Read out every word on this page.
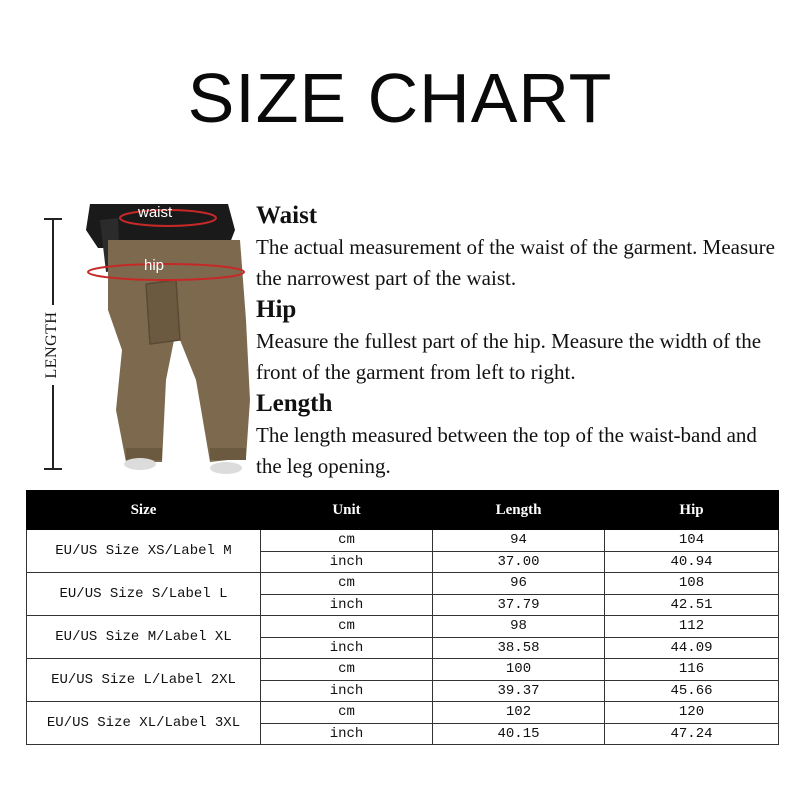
SIZE CHART
LENGTH
waist
hip
Waist

The actual measurement of the waist of the garment. Measure the narrowest part of the waist.

Hip

Measure the fullest part of the hip. Measure the width of the front of the garment from left to right.

Length

The length measured between the top of the waist-band and the leg opening.

Size	Unit	Length	Hip
EU/US Size XS/Label M	cm	94	104
	inch	37.00	40.94
EU/US Size S/Label L	cm	96	108
	inch	37.79	42.51
EU/US Size M/Label XL	cm	98	112
	inch	38.58	44.09
EU/US Size L/Label 2XL	cm	100	116
	inch	39.37	45.66
EU/US Size XL/Label 3XL	cm	102	120
	inch	40.15	47.24
